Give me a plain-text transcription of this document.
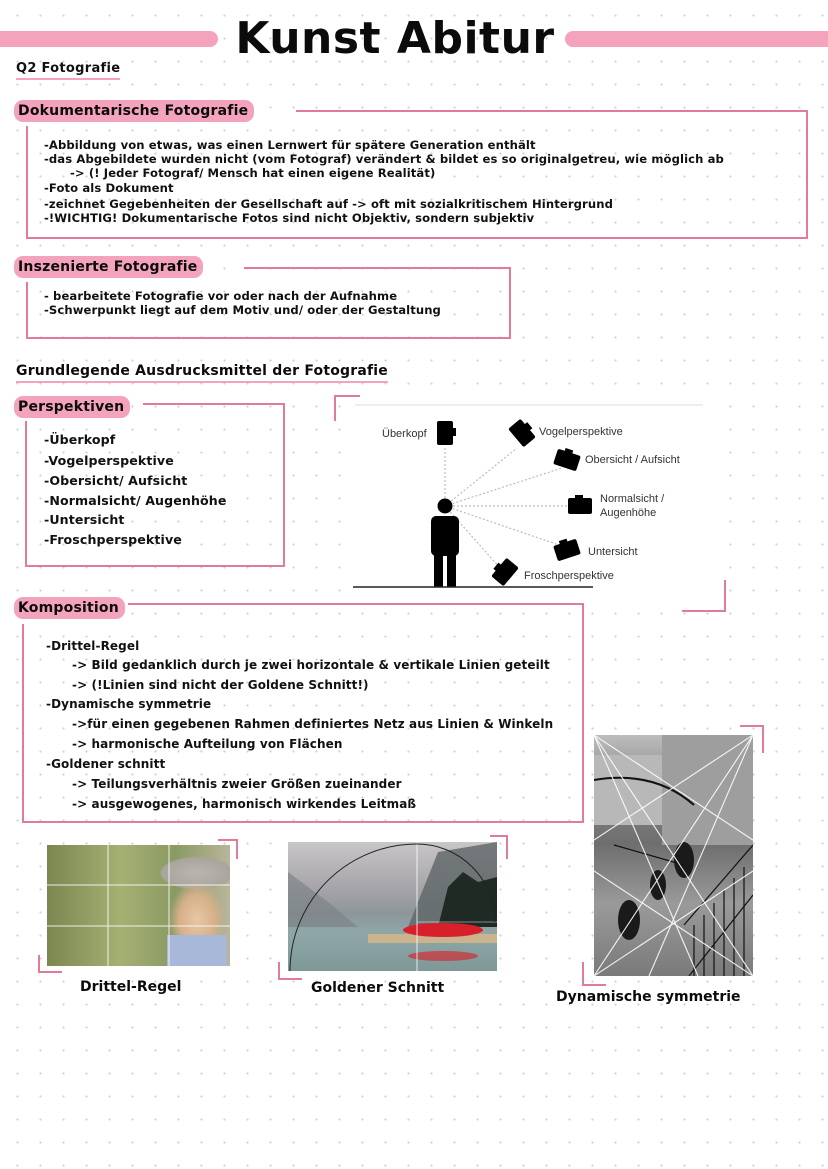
Kunst Abitur
Q2 Fotografie
Dokumentarische Fotografie
-Abbildung von etwas, was einen Lernwert für spätere Generation enthält
-das Abgebildete wurden nicht (vom Fotograf) verändert & bildet es so originalgetreu, wie möglich ab
-> (! Jeder Fotograf/ Mensch hat einen eigene Realität)
-Foto als Dokument
-zeichnet Gegebenheiten der Gesellschaft auf -> oft mit sozialkritischem Hintergrund
-!WICHTIG! Dokumentarische Fotos sind nicht Objektiv, sondern subjektiv
Inszenierte Fotografie
- bearbeitete Fotografie vor oder nach der Aufnahme
-Schwerpunkt liegt auf dem Motiv und/ oder der Gestaltung
Grundlegende Ausdrucksmittel der Fotografie
Perspektiven
-Überkopf
-Vogelperspektive
-Obersicht/ Aufsicht
-Normalsicht/ Augenhöhe
-Untersicht
-Froschperspektive
Überkopf	Vogelperspektive
Obersicht / Aufsicht
Normalsicht /
Augenhöhe
Untersicht
Froschperspektive
Komposition
-Drittel-Regel
-> Bild gedanklich durch je zwei horizontale & vertikale Linien geteilt
-> (!Linien sind nicht der Goldene Schnitt!)
-Dynamische symmetrie
->für einen gegebenen Rahmen definiertes Netz aus Linien & Winkeln
-> harmonische Aufteilung von Flächen
-Goldener schnitt
-> Teilungsverhältnis zweier Größen zueinander
-> ausgewogenes, harmonisch wirkendes Leitmaß
Drittel-Regel	Goldener Schnitt
Dynamische symmetrie
